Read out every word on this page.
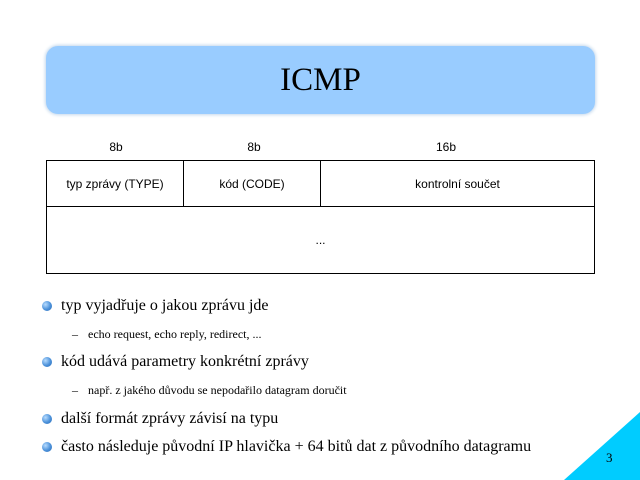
ICMP
8b	8b	16b
typ zprávy (TYPE)	kód (CODE)	kontrolní součet
...
typ vyjadřuje o jakou zprávu jde
– echo request, echo reply, redirect, ...
kód udává parametry konkrétní zprávy
– např. z jakého důvodu se nepodařilo datagram doručit
další formát zprávy závisí na typu
často následuje původní IP hlavička + 64 bitů dat z původního datagramu
3
